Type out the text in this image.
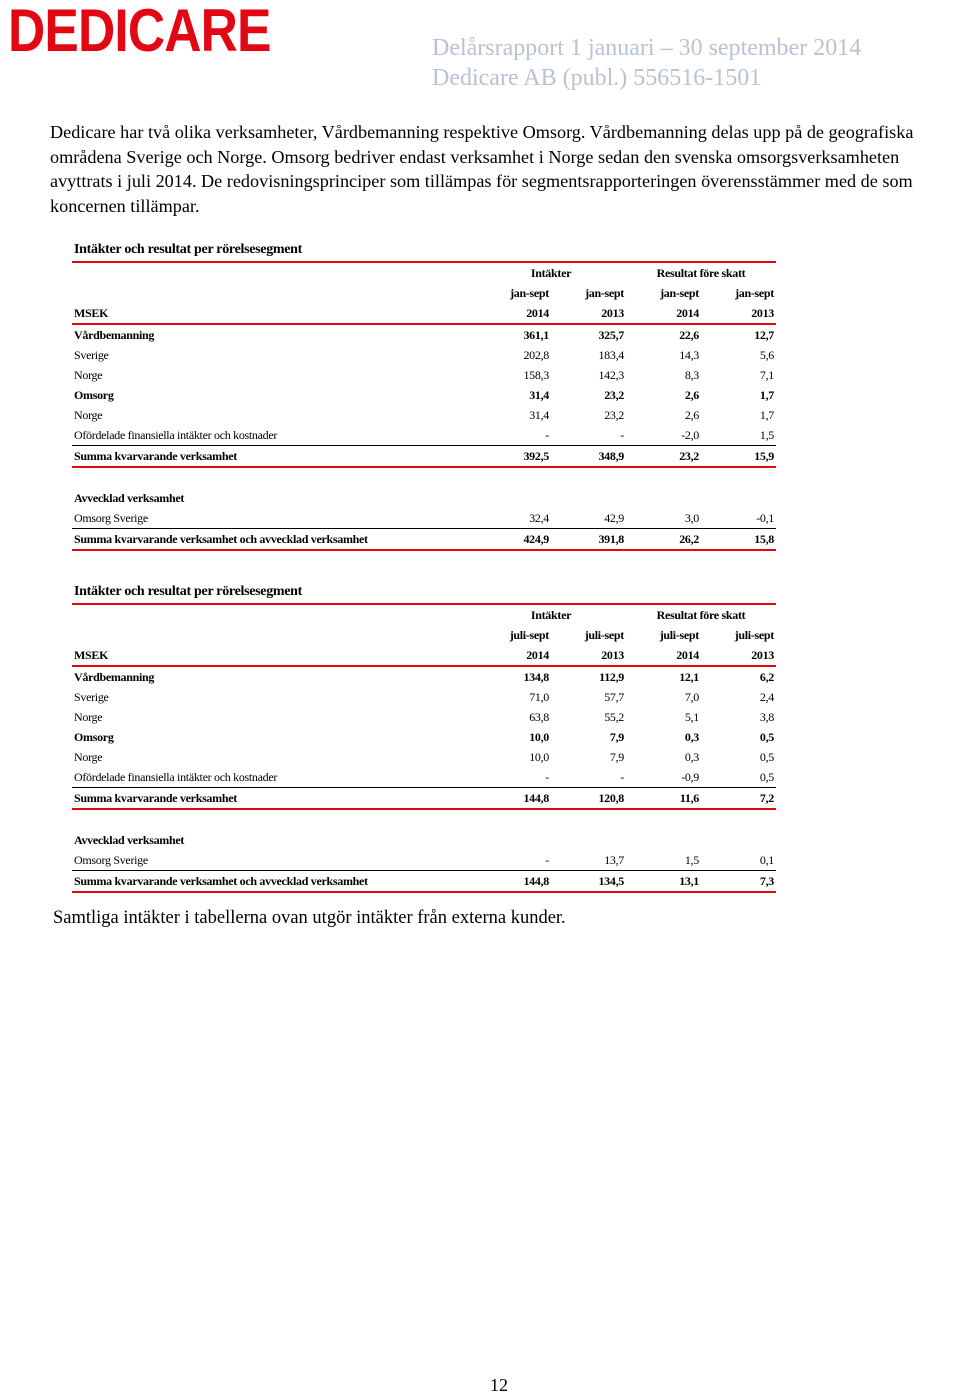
DEDICARE	Delårsrapport 1 januari – 30 september 2014
Dedicare AB (publ.) 556516-1501
Dedicare har två olika verksamheter, Vårdbemanning respektive Omsorg. Vårdbemanning delas upp på de geografiska områdena Sverige och Norge. Omsorg bedriver endast verksamhet i Norge sedan den svenska omsorgsverksamheten avyttrats i juli 2014. De redovisningsprinciper som tillämpas för segmentsrapporteringen överensstämmer med de som koncernen tillämpar.
Intäkter och resultat per rörelsesegment				
	Intäkter		Resultat före skatt	
	jan-sept	jan-sept	jan-sept	jan-sept
MSEK	2014	2013	2014	2013
Vårdbemanning	361,1	325,7	22,6	12,7
Sverige	202,8	183,4	14,3	5,6
Norge	158,3	142,3	8,3	7,1
Omsorg	31,4	23,2	2,6	1,7
Norge	31,4	23,2	2,6	1,7
Ofördelade finansiella intäkter och kostnader	-	-	-2,0	1,5
Summa kvarvarande verksamhet	392,5	348,9	23,2	15,9

Avvecklad verksamhet				
Omsorg Sverige	32,4	42,9	3,0	-0,1
Summa kvarvarande verksamhet och avvecklad verksamhet	424,9	391,8	26,2	15,8
Intäkter och resultat per rörelsesegment				
	Intäkter		Resultat före skatt	
	juli-sept	juli-sept	juli-sept	juli-sept
MSEK	2014	2013	2014	2013
Vårdbemanning	134,8	112,9	12,1	6,2
Sverige	71,0	57,7	7,0	2,4
Norge	63,8	55,2	5,1	3,8
Omsorg	10,0	7,9	0,3	0,5
Norge	10,0	7,9	0,3	0,5
Ofördelade finansiella intäkter och kostnader	-	-	-0,9	0,5
Summa kvarvarande verksamhet	144,8	120,8	11,6	7,2

Avvecklad verksamhet				
Omsorg Sverige	-	13,7	1,5	0,1
Summa kvarvarande verksamhet och avvecklad verksamhet	144,8	134,5	13,1	7,3
Samtliga intäkter i tabellerna ovan utgör intäkter från externa kunder.
12
